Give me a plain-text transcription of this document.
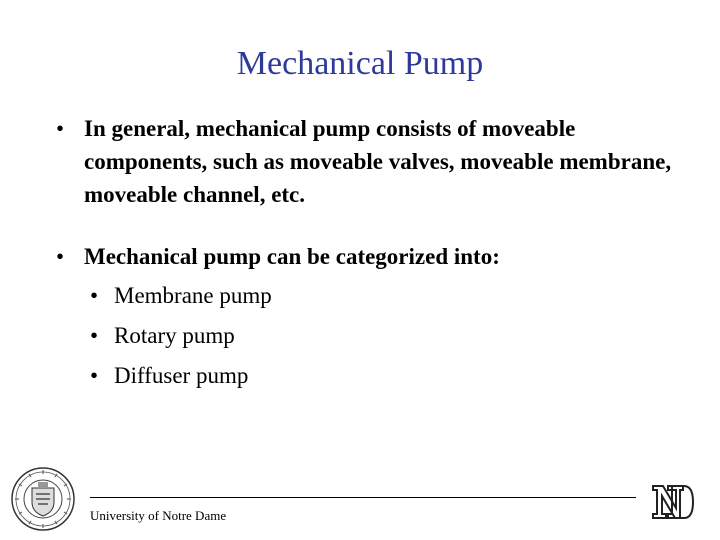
Mechanical Pump
• In general, mechanical pump consists of moveable components, such as moveable valves, moveable membrane, moveable channel, etc.
• Mechanical pump can be categorized into:
• Membrane pump
• Rotary pump
• Diffuser pump
University of Notre Dame
